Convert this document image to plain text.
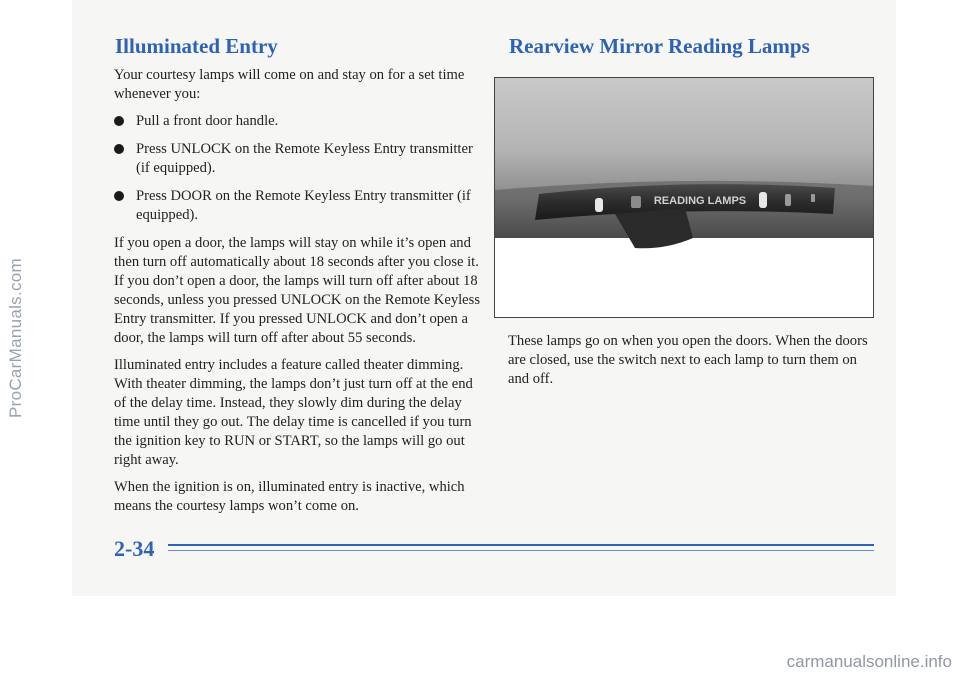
ProCarManuals.com
Illuminated Entry

Your courtesy lamps will come on and stay on for a set time whenever you:

Pull a front door handle.
Press UNLOCK on the Remote Keyless Entry transmitter (if equipped).
Press DOOR on the Remote Keyless Entry transmitter (if equipped).

If you open a door, the lamps will stay on while it’s open and then turn off automatically about 18 seconds after you close it. If you don’t open a door, the lamps will turn off after about 18 seconds, unless you pressed UNLOCK on the Remote Keyless Entry transmitter. If you pressed UNLOCK and don’t open a door, the lamps will turn off after about 55 seconds.

Illuminated entry includes a feature called theater dimming. With theater dimming, the lamps don’t just turn off at the end of the delay time. Instead, they slowly dim during the delay time until they go out. The delay time is cancelled if you turn the ignition key to RUN or START, so the lamps will go out right away.

When the ignition is on, illuminated entry is inactive, which means the courtesy lamps won’t come on.

Rearview Mirror Reading Lamps
READING LAMPS

These lamps go on when you open the doors. When the doors are closed, use the switch next to each lamp to turn them on and off.

2-34

carmanualsonline.info
